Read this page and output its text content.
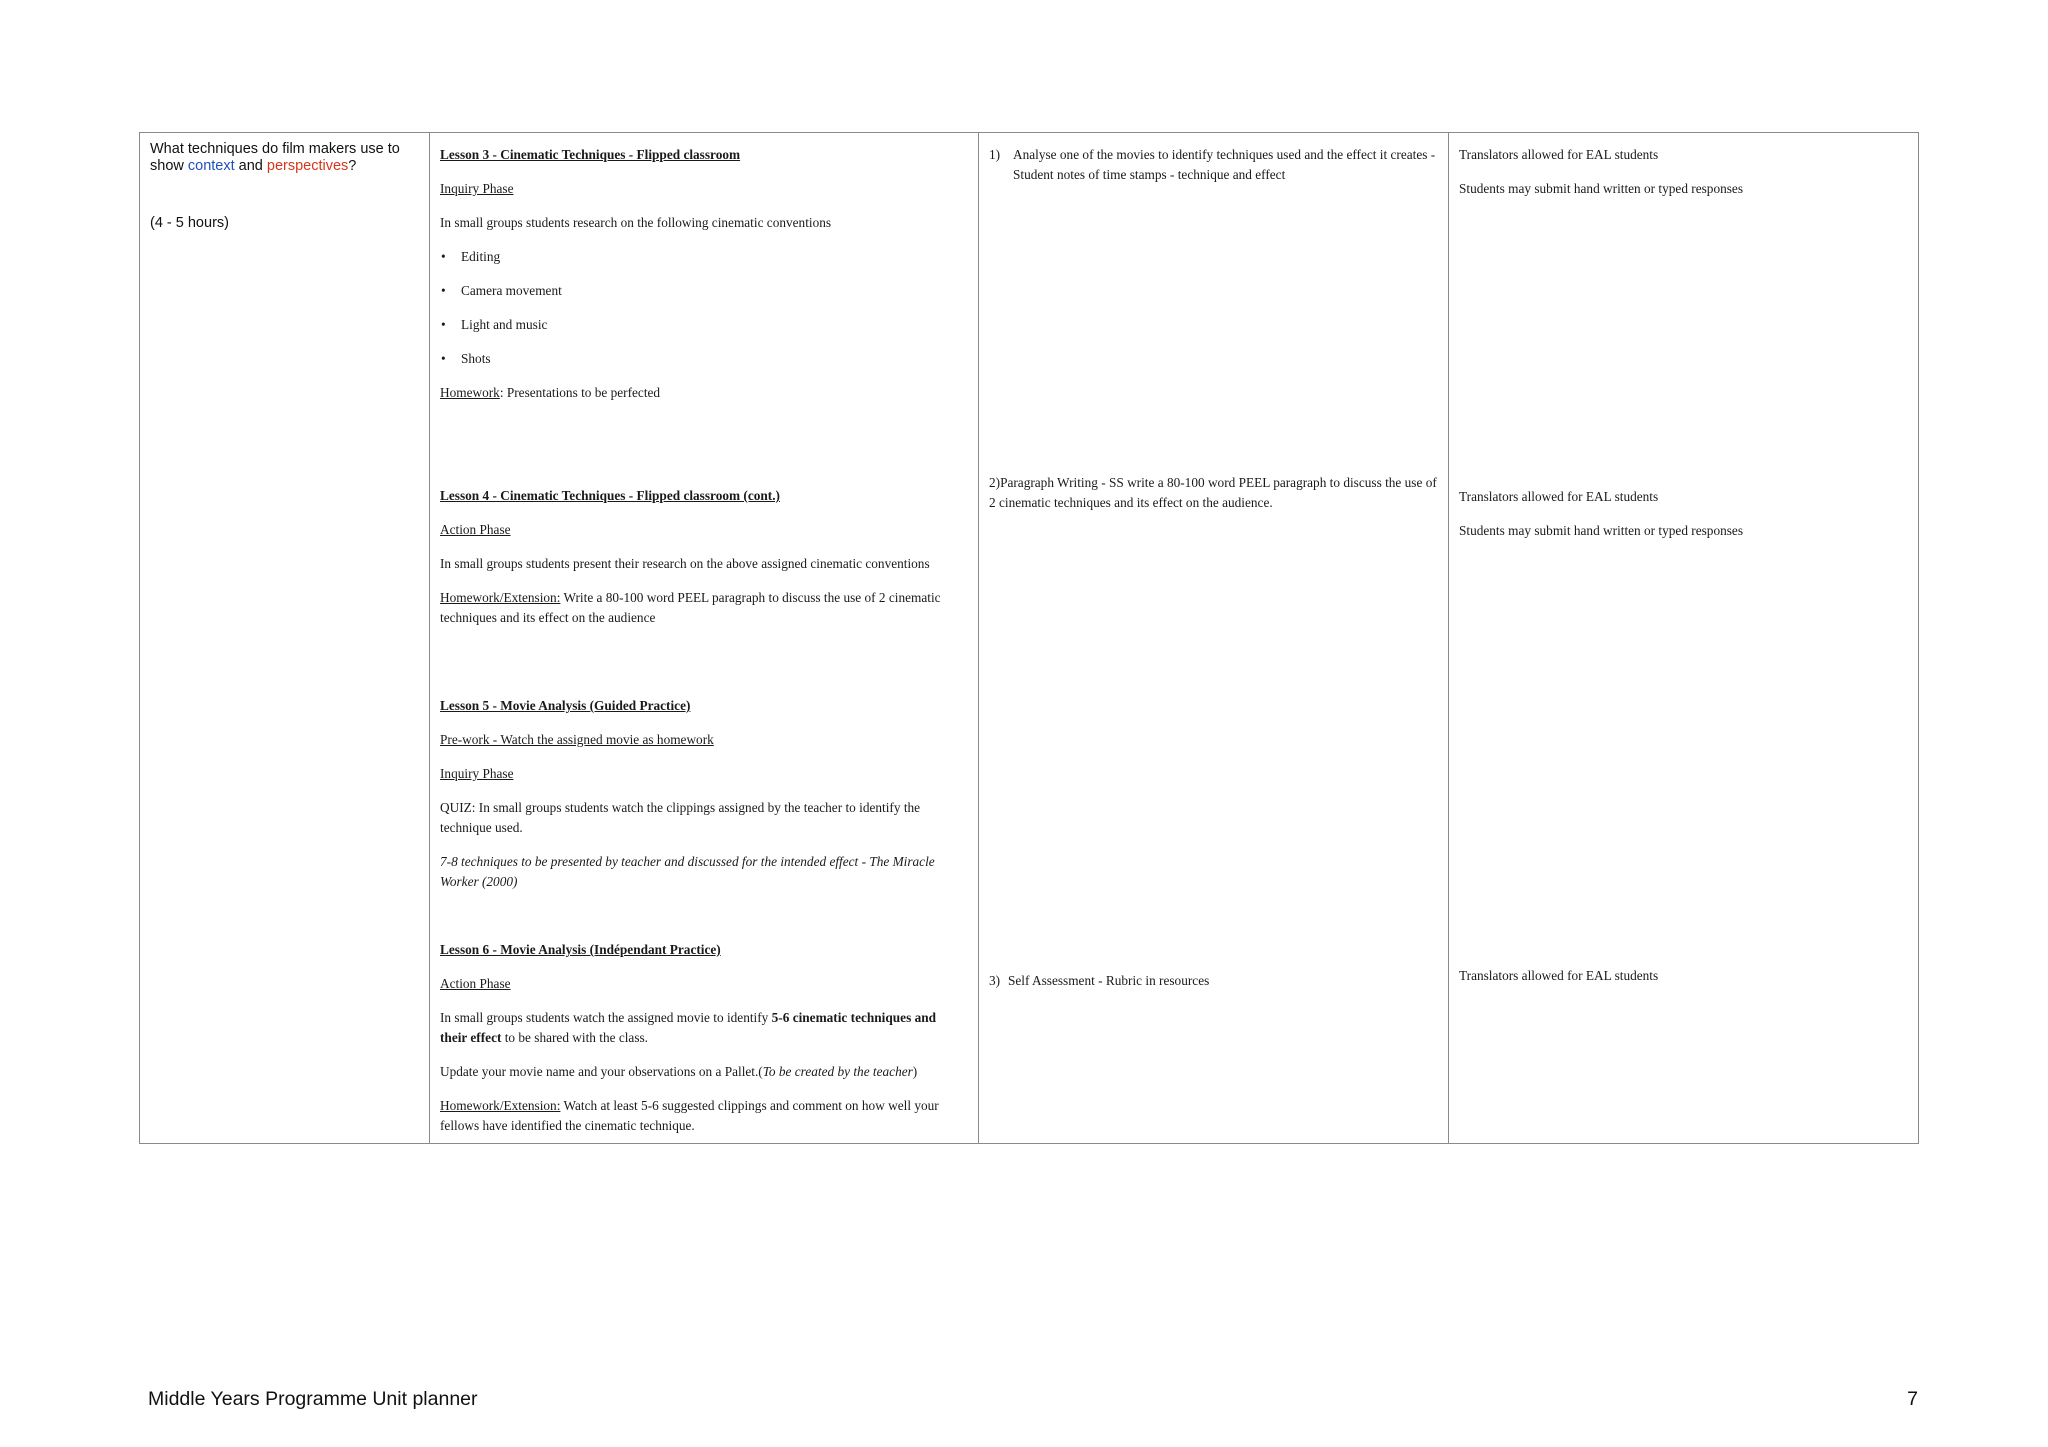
What techniques do film makers use to show context and perspectives?
(4 - 5 hours)

Lesson 3 - Cinematic Techniques - Flipped classroom

Inquiry Phase

In small groups students research on the following cinematic conventions

• Editing
• Camera movement
• Light and music
• Shots

Homework: Presentations to be perfected

Lesson 4 - Cinematic Techniques - Flipped classroom (cont.)

Action Phase

In small groups students present their research on the above assigned cinematic conventions

Homework/Extension: Write a 80-100 word PEEL paragraph to discuss the use of 2 cinematic techniques and its effect on the audience

Lesson 5 - Movie Analysis (Guided Practice)

Pre-work - Watch the assigned movie as homework

Inquiry Phase

QUIZ: In small groups students watch the clippings assigned by the teacher to identify the technique used.

7-8 techniques to be presented by teacher and discussed for the intended effect - The Miracle Worker (2000)

Lesson 6 - Movie Analysis (Indépendant Practice)

Action Phase

In small groups students watch the assigned movie to identify 5-6 cinematic techniques and their effect to be shared with the class.

Update your movie name and your observations on a Pallet.(To be created by the teacher)

Homework/Extension: Watch at least 5-6 suggested clippings and comment on how well your fellows have identified the cinematic technique.

1) Analyse one of the movies to identify techniques used and the effect it creates - Student notes of time stamps - technique and effect
2)Paragraph Writing - SS write a 80-100 word PEEL paragraph to discuss the use of 2 cinematic techniques and its effect on the audience.
3) Self Assessment - Rubric in resources

Translators allowed for EAL students

Students may submit hand written or typed responses

Translators allowed for EAL students

Students may submit hand written or typed responses

Translators allowed for EAL students

Middle Years Programme Unit planner	7
